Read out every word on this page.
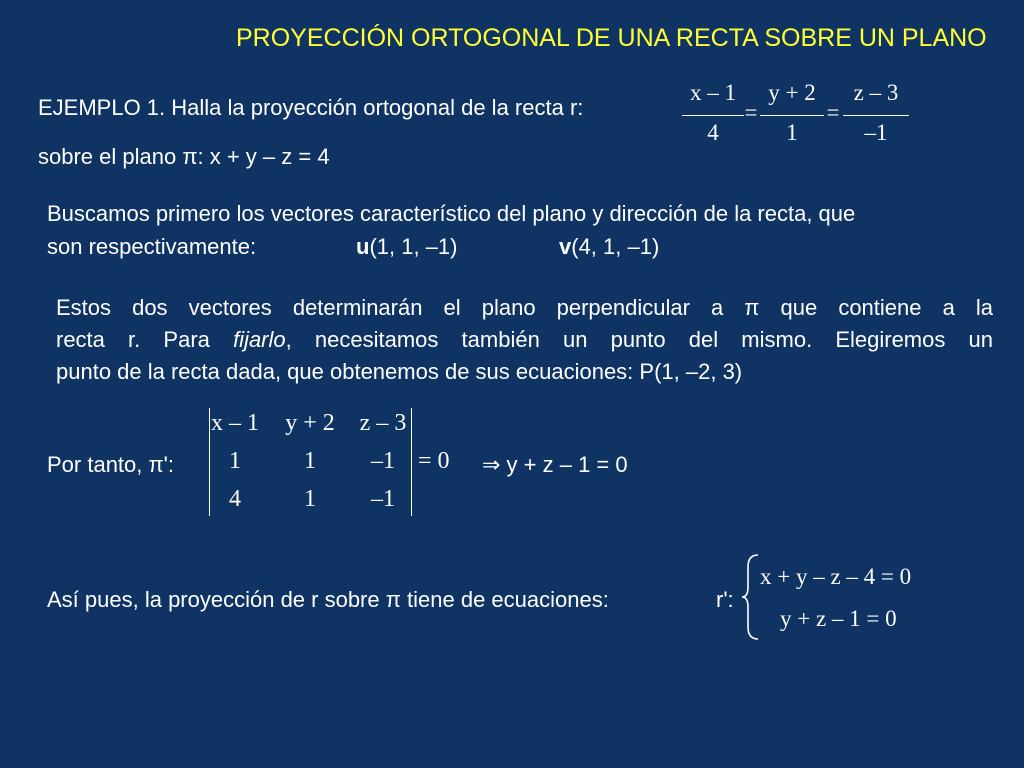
PROYECCIÓN ORTOGONAL DE UNA RECTA SOBRE UN PLANO
EJEMPLO 1. Halla la proyección ortogonal de la recta r:
x – 1
4
=
y + 2
1
=
z – 3
–1
sobre el plano π: x + y – z = 4
Buscamos primero los vectores característico del plano y dirección de la recta, que
son respectivamente:	u(1, 1, –1)	v(4, 1, –1)
Estos dos vectores determinarán el plano perpendicular a π que contiene a la
recta r. Para fijarlo, necesitamos también un punto del mismo. Elegiremos un
punto de la recta dada, que obtenemos de sus ecuaciones: P(1, –2, 3)
Por tanto, π':
x – 1	y + 2	z – 3
1	1	–1
4	1	–1
= 0 ⇒ y + z – 1 = 0
Así pues, la proyección de r sobre π tiene de ecuaciones:	r':
x + y – z – 4 = 0
y + z – 1 = 0
